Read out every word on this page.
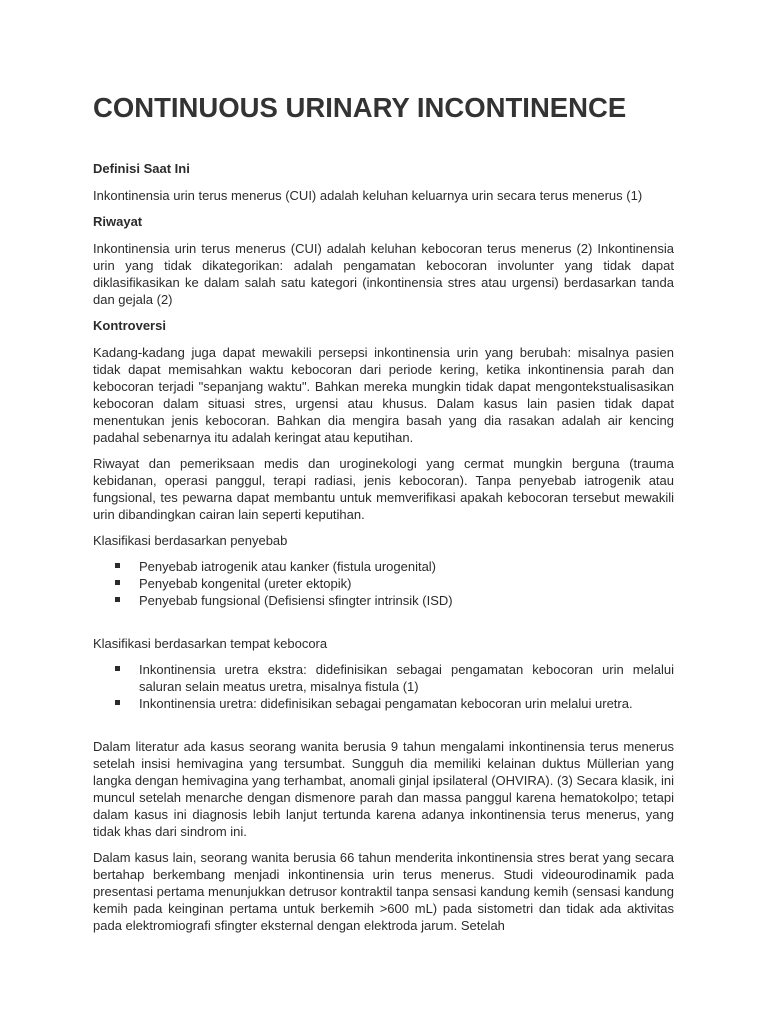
CONTINUOUS URINARY INCONTINENCE
Definisi Saat Ini

Inkontinensia urin terus menerus (CUI) adalah keluhan keluarnya urin secara terus menerus (1)

Riwayat

Inkontinensia urin terus menerus (CUI) adalah keluhan kebocoran terus menerus (2) Inkontinensia urin yang tidak dikategorikan: adalah pengamatan kebocoran involunter yang tidak dapat diklasifikasikan ke dalam salah satu kategori (inkontinensia stres atau urgensi) berdasarkan tanda dan gejala (2)

Kontroversi

Kadang-kadang juga dapat mewakili persepsi inkontinensia urin yang berubah: misalnya pasien tidak dapat memisahkan waktu kebocoran dari periode kering, ketika inkontinensia parah dan kebocoran terjadi "sepanjang waktu". Bahkan mereka mungkin tidak dapat mengontekstualisasikan kebocoran dalam situasi stres, urgensi atau khusus. Dalam kasus lain pasien tidak dapat menentukan jenis kebocoran. Bahkan dia mengira basah yang dia rasakan adalah air kencing padahal sebenarnya itu adalah keringat atau keputihan.

Riwayat dan pemeriksaan medis dan uroginekologi yang cermat mungkin berguna (trauma kebidanan, operasi panggul, terapi radiasi, jenis kebocoran). Tanpa penyebab iatrogenik atau fungsional, tes pewarna dapat membantu untuk memverifikasi apakah kebocoran tersebut mewakili urin dibandingkan cairan lain seperti keputihan.

Klasifikasi berdasarkan penyebab

Penyebab iatrogenik atau kanker (fistula urogenital)
Penyebab kongenital (ureter ektopik)
Penyebab fungsional (Defisiensi sfingter intrinsik (ISD)

Klasifikasi berdasarkan tempat kebocora

Inkontinensia uretra ekstra: didefinisikan sebagai pengamatan kebocoran urin melalui saluran selain meatus uretra, misalnya fistula (1)
Inkontinensia uretra: didefinisikan sebagai pengamatan kebocoran urin melalui uretra.

Dalam literatur ada kasus seorang wanita berusia 9 tahun mengalami inkontinensia terus menerus setelah insisi hemivagina yang tersumbat. Sungguh dia memiliki kelainan duktus Müllerian yang langka dengan hemivagina yang terhambat, anomali ginjal ipsilateral (OHVIRA). (3) Secara klasik, ini muncul setelah menarche dengan dismenore parah dan massa panggul karena hematokolpo; tetapi dalam kasus ini diagnosis lebih lanjut tertunda karena adanya inkontinensia terus menerus, yang tidak khas dari sindrom ini.

Dalam kasus lain, seorang wanita berusia 66 tahun menderita inkontinensia stres berat yang secara bertahap berkembang menjadi inkontinensia urin terus menerus. Studi videourodinamik pada presentasi pertama menunjukkan detrusor kontraktil tanpa sensasi kandung kemih (sensasi kandung kemih pada keinginan pertama untuk berkemih >600 mL) pada sistometri dan tidak ada aktivitas pada elektromiografi sfingter eksternal dengan elektroda jarum. Setelah
